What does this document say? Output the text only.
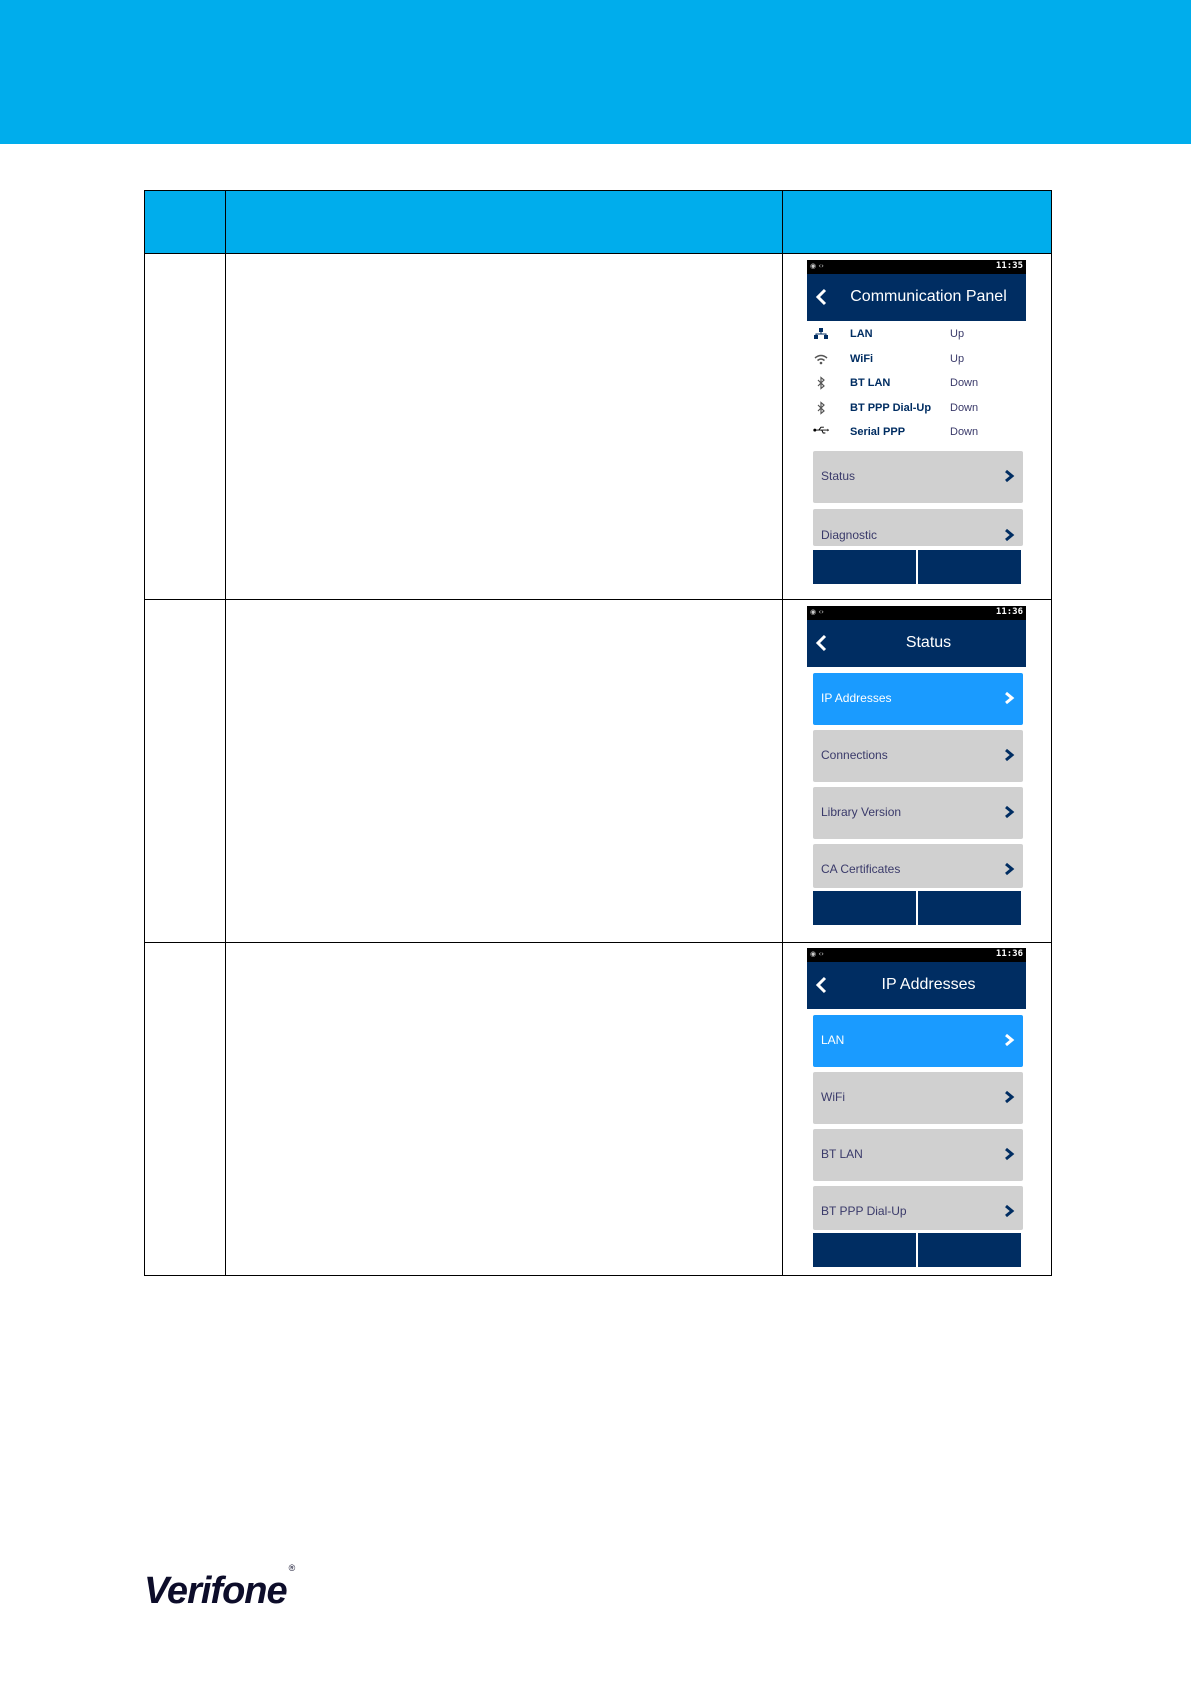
◉ ‹›	11:35
Communication Panel
LAN	Up
WiFi	Up
BT LAN	Down
BT PPP Dial-Up Down
Serial PPP	Down
Status
Diagnostic
◉ ‹›	11:36
Status
IP Addresses
Connections
Library Version
CA Certificates
◉ ‹›	11:36
IP Addresses
LAN
WiFi
BT LAN
BT PPP Dial-Up
Verifone®
